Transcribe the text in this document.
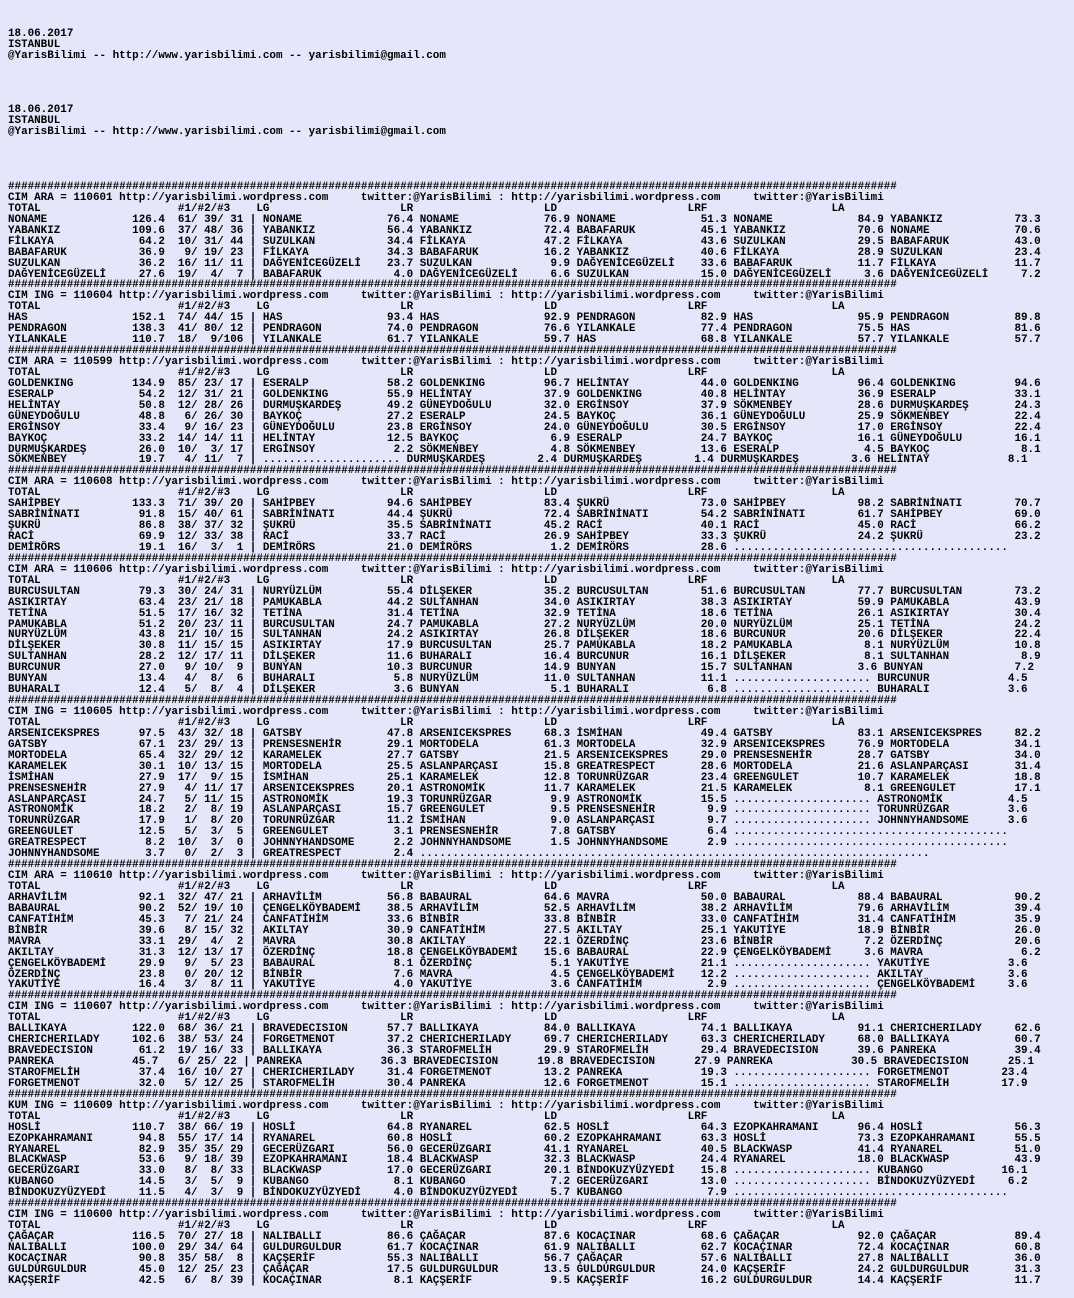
18.06.2017
ISTANBUL
@YarisBilimi -- http://www.yarisbilimi.com -- yarisbilimi@gmail.com

18.06.2017
ISTANBUL
@YarisBilimi -- http://www.yarisbilimi.com -- yarisbilimi@gmail.com

########################################################################################################################################
CIM ARA = 110601 http://yarisbilimi.wordpress.com     twitter:@YarisBilimi : http://yarisbilimi.wordpress.com     twitter:@YarisBilimi
TOTAL                     #1/#2/#3    LG                    LR                    LD                    LRF                   LA
NONAME             126.4  61/ 39/ 31 | NONAME             76.4 NONAME             76.9 NONAME             51.3 NONAME             84.9 YABANKIZ           73.3
YABANKIZ           109.6  37/ 48/ 36 | YABANKIZ           56.4 YABANKIZ           72.4 BABAFARUK          45.1 YABANKIZ           70.6 NONAME             70.6
FİLKAYA             64.2  10/ 31/ 44 | SUZULKAN           34.4 FİLKAYA            47.2 FİLKAYA            43.6 SUZULKAN           29.5 BABAFARUK          43.0
BABAFARUK           36.9   9/ 19/ 23 | FİLKAYA            34.3 BABAFARUK          16.2 YABANKIZ           40.6 FİLKAYA            28.9 SUZULKAN           23.4
SUZULKAN            36.2  16/ 11/ 11 | DAĞYENİCEGÜZELİ    23.7 SUZULKAN            9.9 DAĞYENİCEGÜZELİ    33.6 BABAFARUK          11.7 FİLKAYA            11.7
DAĞYENİCEGÜZELİ     27.6  19/  4/  7 | BABAFARUK           4.0 DAĞYENİCEGÜZELİ     6.6 SUZULKAN           15.0 DAĞYENİCEGÜZELİ     3.6 DAĞYENİCEGÜZELİ     7.2
########################################################################################################################################
CIM ING = 110604 http://yarisbilimi.wordpress.com     twitter:@YarisBilimi : http://yarisbilimi.wordpress.com     twitter:@YarisBilimi
TOTAL                     #1/#2/#3    LG                    LR                    LD                    LRF                   LA
HAS                152.1  74/ 44/ 15 | HAS                93.4 HAS                92.9 PENDRAGON          82.9 HAS                95.9 PENDRAGON          89.8
PENDRAGON          138.3  41/ 80/ 12 | PENDRAGON          74.0 PENDRAGON          76.6 YILANKALE          77.4 PENDRAGON          75.5 HAS                81.6
YILANKALE          110.7  18/  9/106 | YILANKALE          61.7 YILANKALE          59.7 HAS                68.8 YILANKALE          57.7 YILANKALE          57.7
########################################################################################################################################
CIM ARA = 110599 http://yarisbilimi.wordpress.com     twitter:@YarisBilimi : http://yarisbilimi.wordpress.com     twitter:@YarisBilimi
TOTAL                     #1/#2/#3    LG                    LR                    LD                    LRF                   LA
GOLDENKING         134.9  85/ 23/ 17 | ESERALP            58.2 GOLDENKING         96.7 HELİNTAY           44.0 GOLDENKING         96.4 GOLDENKING         94.6
ESERALP             54.2  12/ 31/ 21 | GOLDENKING         55.9 HELİNTAY           37.9 GOLDENKING         40.8 HELİNTAY           36.9 ESERALP            33.1
HELİNTAY            50.8  12/ 28/ 26 | DURMUŞKARDEŞ       49.2 GÜNEYDOĞULU        32.0 ERGİNSOY           37.9 SÖKMENBEY          28.6 DURMUŞKARDEŞ       24.3
GÜNEYDOĞULU         48.8   6/ 26/ 30 | BAYKOÇ             27.2 ESERALP            24.5 BAYKOÇ             36.1 GÜNEYDOĞULU        25.9 SÖKMENBEY          22.4
ERGİNSOY            33.4   9/ 16/ 23 | GÜNEYDOĞULU        23.8 ERGİNSOY           24.0 GÜNEYDOĞULU        30.5 ERGİNSOY           17.0 ERGİNSOY           22.4
BAYKOÇ              33.2  14/ 14/ 11 | HELİNTAY           12.5 BAYKOÇ              6.9 ESERALP            24.7 BAYKOÇ             16.1 GÜNEYDOĞULU        16.1
DURMUŞKARDEŞ        26.0  10/  3/ 17 | ERGİNSOY            2.2 SÖKMENBEY           4.8 SÖKMENBEY          13.6 ESERALP             4.5 BAYKOÇ              8.1
SÖKMENBEY           19.7   4/ 11/  7 | ..................... DURMUŞKARDEŞ        2.4 DURMUŞKARDEŞ        1.4 DURMUŞKARDEŞ        3.6 HELİNTAY            8.1
########################################################################################################################################
CIM ARA = 110608 http://yarisbilimi.wordpress.com     twitter:@YarisBilimi : http://yarisbilimi.wordpress.com     twitter:@YarisBilimi
TOTAL                     #1/#2/#3    LG                    LR                    LD                    LRF                   LA
SAHİPBEY           133.3  71/ 39/ 20 | SAHİPBEY           94.6 SAHİPBEY           83.4 ŞUKRÜ              73.0 SAHİPBEY           98.2 SABRİNİNATI        70.7
SABRİNİNATI         91.8  15/ 40/ 61 | SABRİNİNATI        44.4 ŞUKRÜ              72.4 SABRİNİNATI        54.2 SABRİNİNATI        61.7 SAHİPBEY           69.0
ŞUKRÜ               86.8  38/ 37/ 32 | ŞUKRÜ              35.5 SABRİNİNATI        45.2 RACİ               40.1 RACİ               45.0 RACİ               66.2
RACİ                69.9  12/ 33/ 38 | RACİ               33.7 RACİ               26.9 SAHİPBEY           33.3 ŞUKRÜ              24.2 ŞUKRÜ              23.2
DEMİRÖRS            19.1  16/  3/  1 | DEMİRÖRS           21.0 DEMİRÖRS            1.2 DEMİRÖRS           28.6 ..........................................
########################################################################################################################################
CIM ARA = 110606 http://yarisbilimi.wordpress.com     twitter:@YarisBilimi : http://yarisbilimi.wordpress.com     twitter:@YarisBilimi
TOTAL                     #1/#2/#3    LG                    LR                    LD                    LRF                   LA
BURCUSULTAN         79.3  30/ 24/ 31 | NURYÜZLÜM          55.4 DİLŞEKER           35.2 BURCUSULTAN        51.6 BURCUSULTAN        77.7 BURCUSULTAN        73.2
ASIKIRTAY           63.4  23/ 21/ 18 | PAMUKABLA          44.2 SULTANHAN          34.0 ASIKIRTAY          38.3 ASIKIRTAY          59.9 PAMUKABLA          43.9
TETİNA              51.5  17/ 16/ 32 | TETİNA             31.4 TETİNA             32.9 TETİNA             18.6 TETİNA             26.1 ASIKIRTAY          30.4
PAMUKABLA           51.2  20/ 23/ 11 | BURCUSULTAN        24.7 PAMUKABLA          27.2 NURYÜZLÜM          20.0 NURYÜZLÜM          25.1 TETİNA             24.2
NURYÜZLÜM           43.8  21/ 10/ 15 | SULTANHAN          24.2 ASIKIRTAY          26.8 DİLŞEKER           18.6 BURCUNUR           20.6 DİLŞEKER           22.4
DİLŞEKER            30.8  11/ 15/ 15 | ASIKIRTAY          17.9 BURCUSULTAN        25.7 PAMUKABLA          18.2 PAMUKABLA           8.1 NURYÜZLÜM          10.8
SULTANHAN           28.2  12/ 17/ 11 | DİLŞEKER           11.6 BUHARALI           16.4 BURCUNUR           16.1 DİLŞEKER            8.1 SULTANHAN           8.9
BURCUNUR            27.0   9/ 10/  9 | BUNYAN             10.3 BURCUNUR           14.9 BUNYAN             15.7 SULTANHAN          3.6 BUNYAN              7.2
BUNYAN              13.4   4/  8/  6 | BUHARALI            5.8 NURYÜZLÜM          11.0 SULTANHAN          11.1 ..................... BURCUNUR            4.5
BUHARALI            12.4   5/  8/  4 | DİLŞEKER            3.6 BUNYAN              5.1 BUHARALI            6.8 ..................... BUHARALI            3.6
########################################################################################################################################
CIM ING = 110605 http://yarisbilimi.wordpress.com     twitter:@YarisBilimi : http://yarisbilimi.wordpress.com     twitter:@YarisBilimi
TOTAL                     #1/#2/#3    LG                    LR                    LD                    LRF                   LA
ARSENICEKSPRES      97.5  43/ 32/ 18 | GATSBY             47.8 ARSENICEKSPRES     68.3 İSMİHAN            49.4 GATSBY             83.1 ARSENICEKSPRES     82.2
GATSBY              67.1  23/ 29/ 13 | PRENSESNEHİR       29.1 MORTODELA          61.3 MORTODELA          32.9 ARSENICEKSPRES     76.9 MORTODELA          34.1
MORTODELA           65.4  32/ 29/ 12 | KARAMELEK          27.7 GATSBY             21.5 ARSENICEKSPRES     29.0 PRENSESNEHİR       28.7 GATSBY             34.0
KARAMELEK           30.1  10/ 13/ 15 | MORTODELA          25.5 ASLANPARÇASI       15.8 GREATRESPECT       28.6 MORTODELA          21.6 ASLANPARÇASI       31.4
İSMİHAN             27.9  17/  9/ 15 | İSMİHAN            25.1 KARAMELEK          12.8 TORUNRÜZGAR        23.4 GREENGULET         10.7 KARAMELEK          18.8
PRENSESNEHİR        27.9   4/ 11/ 17 | ARSENICEKSPRES     20.1 ASTRONOMİK         11.7 KARAMELEK          21.5 KARAMELEK           8.1 GREENGULET         17.1
ASLANPARÇASI        24.7   5/ 11/ 15 | ASTRONOMİK         19.3 TORUNRÜZGAR         9.9 ASTRONOMİK         15.5 ..................... ASTRONOMİK          4.5
ASTRONOMİK          18.2   2/  8/ 19 | ASLANPARÇASI       15.7 GREENGULET          9.5 PRENSESNEHİR        9.9 ..................... TORUNRÜZGAR         3.6
TORUNRÜZGAR         17.9   1/  8/ 20 | TORUNRÜZGAR        11.2 İSMİHAN             9.0 ASLANPARÇASI        9.7 ..................... JOHNNYHANDSOME      3.6
GREENGULET          12.5   5/  3/  5 | GREENGULET          3.1 PRENSESNEHİR        7.8 GATSBY              6.4 ..........................................
GREATRESPECT         8.2  10/  3/  0 | JOHNNYHANDSOME      2.2 JOHNNYHANDSOME      1.5 JOHNNYHANDSOME      2.9 ..........................................
JOHNNYHANDSOME       3.7   0/  2/  3 | GREATRESPECT        2.4 ..............................................................................
########################################################################################################################################
CIM ARA = 110610 http://yarisbilimi.wordpress.com     twitter:@YarisBilimi : http://yarisbilimi.wordpress.com     twitter:@YarisBilimi
TOTAL                     #1/#2/#3    LG                    LR                    LD                    LRF                   LA
ARHAVİLİM           92.1  32/ 47/ 21 | ARHAVİLİM          56.8 BABAURAL           64.6 MAVRA              50.0 BABAURAL           88.4 BABAURAL           90.2
BABAURAL            90.2  52/ 19/ 10 | ÇENGELKÖYBADEMİ    38.5 ARHAVİLİM          52.5 ARHAVİLİM          38.2 ARHAVİLİM          79.6 ARHAVİLİM          39.4
CANFATİHİM          45.3   7/ 21/ 24 | CANFATİHİM         33.6 BİNBİR             33.8 BİNBİR             33.0 CANFATİHİM         31.4 CANFATİHİM         35.9
BİNBİR              39.6   8/ 15/ 32 | AKILTAY            30.9 CANFATİHİM         27.5 AKILTAY            25.1 YAKUTİYE           18.9 BİNBİR             26.0
MAVRA               33.1  29/  4/  2 | MAVRA              30.8 AKILTAY            22.1 ÖZERDİNÇ           23.6 BİNBİR              7.2 ÖZERDİNÇ           20.6
AKILTAY             31.3  12/ 13/ 17 | ÖZERDİNÇ           18.8 ÇENGELKÖYBADEMİ    15.6 BABAURAL           22.9 ÇENGELKÖYBADEMİ     3.6 MAVRA               6.2
ÇENGELKÖYBADEMİ     29.9   9/  5/ 23 | BABAURAL            8.1 ÖZERDİNÇ            5.1 YAKUTİYE           21.1 ..................... YAKUTİYE            3.6
ÖZERDİNÇ            23.8   0/ 20/ 12 | BİNBİR              7.6 MAVRA               4.5 ÇENGELKÖYBADEMİ    12.2 ..................... AKILTAY             3.6
YAKUTİYE            16.4   3/  8/ 11 | YAKUTİYE            4.0 YAKUTİYE            3.6 CANFATİHİM          2.9 ..................... ÇENGELKÖYBADEMİ     3.6
########################################################################################################################################
CIM ING = 110607 http://yarisbilimi.wordpress.com     twitter:@YarisBilimi : http://yarisbilimi.wordpress.com     twitter:@YarisBilimi
TOTAL                     #1/#2/#3    LG                    LR                    LD                    LRF                   LA
BALLIKAYA          122.0  68/ 36/ 21 | BRAVEDECISION      57.7 BALLIKAYA          84.0 BALLIKAYA          74.1 BALLIKAYA          91.1 CHERICHERILADY     62.6
CHERICHERILADY     102.6  38/ 53/ 24 | FORGETMENOT        37.2 CHERICHERILADY     69.7 CHERICHERILADY     63.3 CHERICHERILADY     68.0 BALLIKAYA          60.7
BRAVEDECISION       61.2  19/ 16/ 33 | BALLIKAYA          36.3 STAROFMELİH        29.9 STAROFMELİH        29.4 BRAVEDECISION      39.6 PANREKA            39.4
PANREKA            45.7   6/ 25/ 22 | PANREKA            36.3 BRAVEDECISION      19.8 BRAVEDECISION      27.9 PANREKA            30.5 BRAVEDECISION      25.1
STAROFMELİH         37.4  16/ 10/ 27 | CHERICHERILADY     31.4 FORGETMENOT        13.2 PANREKA            19.3 ..................... FORGETMENOT        23.4
FORGETMENOT         32.0   5/ 12/ 25 | STAROFMELİH        30.4 PANREKA            12.6 FORGETMENOT        15.1 ..................... STAROFMELİH        17.9
########################################################################################################################################
KUM ING = 110609 http://yarisbilimi.wordpress.com     twitter:@YarisBilimi : http://yarisbilimi.wordpress.com     twitter:@YarisBilimi
TOTAL                     #1/#2/#3    LG                    LR                    LD                    LRF                   LA
HOSLİ              110.7  38/ 66/ 19 | HOSLİ              64.8 RYANAREL           62.5 HOSLİ              64.3 EZOPKAHRAMANI      96.4 HOSLİ              56.3
EZOPKAHRAMANI       94.8  55/ 17/ 14 | RYANAREL           60.8 HOSLİ              60.2 EZOPKAHRAMANI      63.3 HOSLİ              73.3 EZOPKAHRAMANI      55.5
RYANAREL            82.9  35/ 35/ 29 | GECERÜZGARI        56.0 GECERÜZGARI        41.1 RYANAREL           40.5 BLACKWASP          41.4 RYANAREL           51.0
BLACKWASP           53.6   9/ 18/ 39 | EZOPKAHRAMANI      18.4 BLACKWASP          32.3 BLACKWASP          24.4 RYANAREL           18.0 BLACKWASP          43.9
GECERÜZGARI         33.0   8/  8/ 33 | BLACKWASP          17.0 GECERÜZGARI        20.1 BİNDOKUZYÜZYEDİ    15.8 ..................... KUBANGO            16.1
KUBANGO             14.5   3/  5/  9 | KUBANGO             8.1 KUBANGO             7.2 GECERÜZGARI        13.0 ..................... BİNDOKUZYÜZYEDİ     6.2
BİNDOKUZYÜZYEDİ     11.5   4/  3/  9 | BİNDOKUZYÜZYEDİ     4.0 BİNDOKUZYÜZYEDİ     5.7 KUBANGO             7.9 ..........................................
########################################################################################################################################
CIM ING = 110600 http://yarisbilimi.wordpress.com     twitter:@YarisBilimi : http://yarisbilimi.wordpress.com     twitter:@YarisBilimi
TOTAL                     #1/#2/#3    LG                    LR                    LD                    LRF                   LA
ÇAĞAÇAR            116.5  70/ 27/ 18 | NALIBALLI          86.6 ÇAĞAÇAR            87.6 KOCAÇINAR          68.6 ÇAĞAÇAR            92.0 ÇAĞAÇAR            89.4
NALIBALLI          100.0  29/ 34/ 64 | GULDURGULDUR       61.7 KOCAÇINAR          61.9 NALIBALLI          62.7 KOCAÇINAR          72.4 KOCAÇINAR          60.8
KOCAÇINAR           90.8  35/ 58/  8 | KAÇŞERİF           55.3 NALIBALLI          56.7 ÇAĞAÇAR            57.6 NALIBALLI          27.8 NALIBALLI          36.0
GULDURGULDUR        45.0  12/ 25/ 23 | ÇAĞAÇAR            17.5 GULDURGULDUR       13.5 GULDURGULDUR       24.0 KAÇŞERİF           24.2 GULDURGULDUR       31.3
KAÇŞERİF            42.5   6/  8/ 39 | KOCAÇINAR           8.1 KAÇŞERİF            9.5 KAÇŞERİF           16.2 GULDURGULDUR       14.4 KAÇŞERİF           11.7
